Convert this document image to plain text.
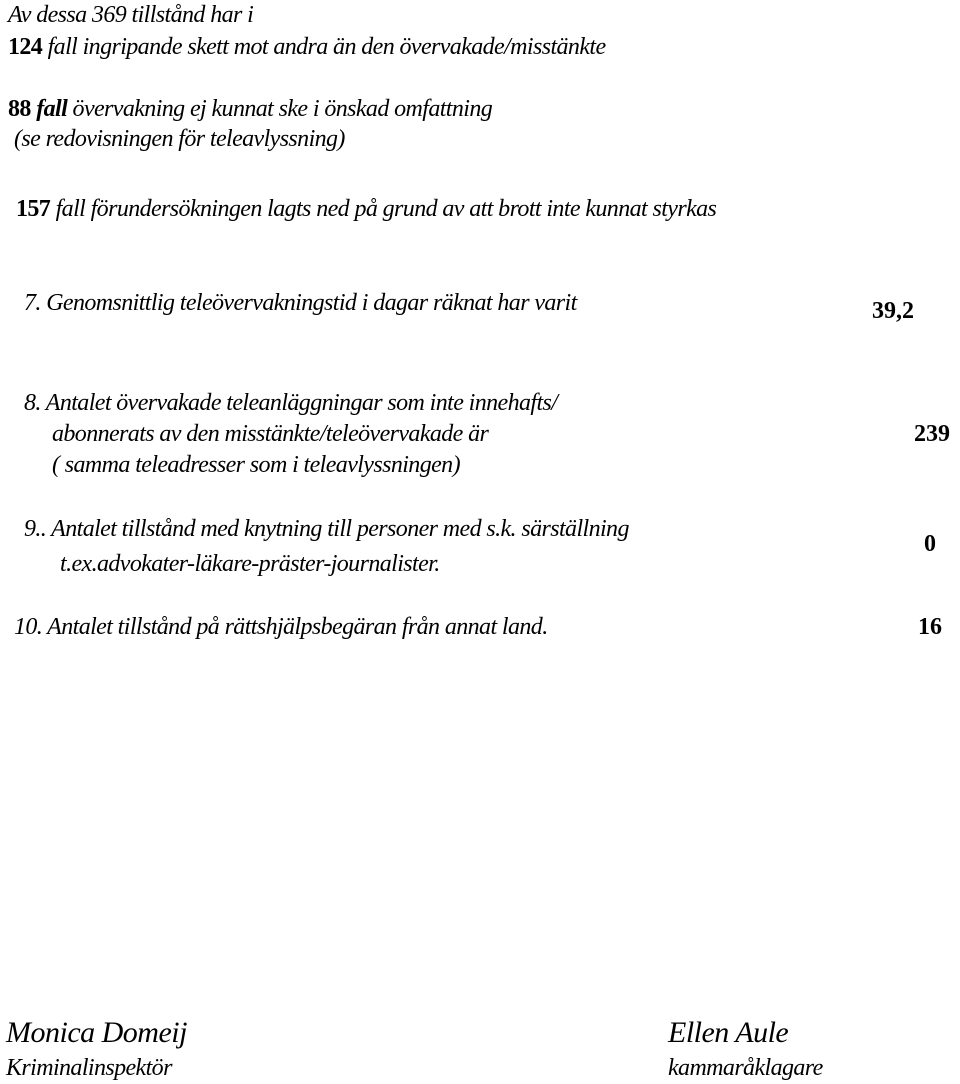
Av dessa 369 tillstånd har i
124 fall ingripande skett mot andra än den övervakade/misstänkte
88 fall övervakning ej kunnat ske i önskad omfattning
(se redovisningen för teleavlyssning)
157 fall förundersökningen lagts ned på grund av att brott inte kunnat styrkas
7. Genomsnittlig teleövervakningstid i dagar räknat har varit	39,2
8. Antalet övervakade teleanläggningar som inte innehafts/
abonnerats av den misstänkte/teleövervakade är
( samma teleadresser som i teleavlyssningen)
239
9.. Antalet tillstånd med knytning till personer med s.k. särställning
t.ex.advokater-läkare-präster-journalister.
0
10. Antalet tillstånd på rättshjälpsbegäran från annat land.	16
Monica Domeij
Kriminalinspektör
Ellen Aule
kammaråklagare
